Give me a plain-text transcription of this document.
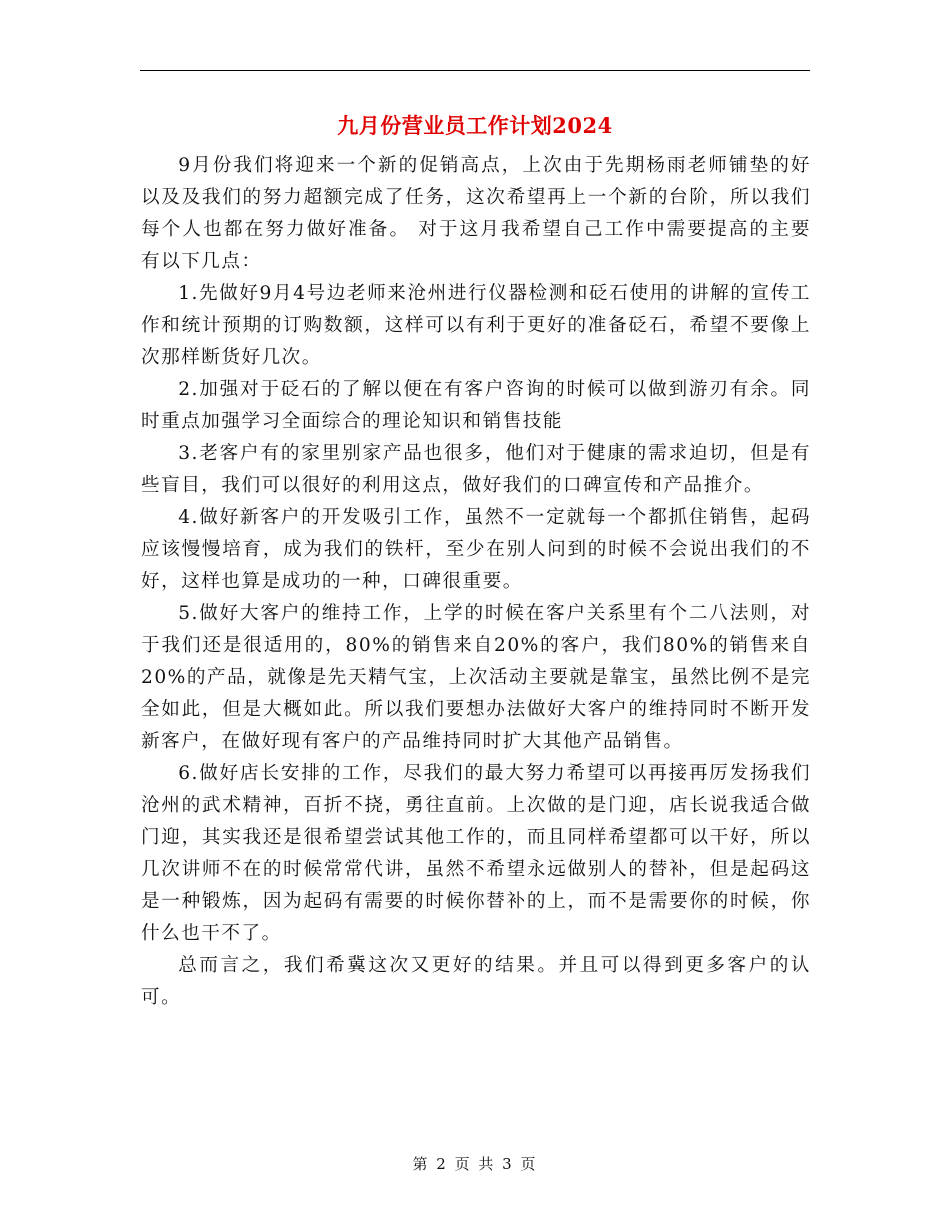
九月份营业员工作计划2024

9月份我们将迎来一个新的促销高点，上次由于先期杨雨老师铺垫的好以及及我们的努力超额完成了任务，这次希望再上一个新的台阶，所以我们每个人也都在努力做好准备。 对于这月我希望自己工作中需要提高的主要有以下几点：

1.先做好9月4号边老师来沧州进行仪器检测和砭石使用的讲解的宣传工作和统计预期的订购数额，这样可以有利于更好的准备砭石，希望不要像上次那样断货好几次。

2.加强对于砭石的了解以便在有客户咨询的时候可以做到游刃有余。同时重点加强学习全面综合的理论知识和销售技能

3.老客户有的家里别家产品也很多，他们对于健康的需求迫切，但是有些盲目，我们可以很好的利用这点，做好我们的口碑宣传和产品推介。

4.做好新客户的开发吸引工作，虽然不一定就每一个都抓住销售，起码应该慢慢培育，成为我们的铁杆，至少在别人问到的时候不会说出我们的不好，这样也算是成功的一种，口碑很重要。

5.做好大客户的维持工作，上学的时候在客户关系里有个二八法则，对于我们还是很适用的，80%的销售来自20%的客户，我们80%的销售来自20%的产品，就像是先天精气宝，上次活动主要就是靠宝，虽然比例不是完全如此，但是大概如此。所以我们要想办法做好大客户的维持同时不断开发新客户，在做好现有客户的产品维持同时扩大其他产品销售。

6.做好店长安排的工作，尽我们的最大努力希望可以再接再厉发扬我们沧州的武术精神，百折不挠，勇往直前。上次做的是门迎，店长说我适合做门迎，其实我还是很希望尝试其他工作的，而且同样希望都可以干好，所以几次讲师不在的时候常常代讲，虽然不希望永远做别人的替补，但是起码这是一种锻炼，因为起码有需要的时候你替补的上，而不是需要你的时候，你什么也干不了。

总而言之，我们希冀这次又更好的结果。并且可以得到更多客户的认可。

第 2 页 共 3 页
